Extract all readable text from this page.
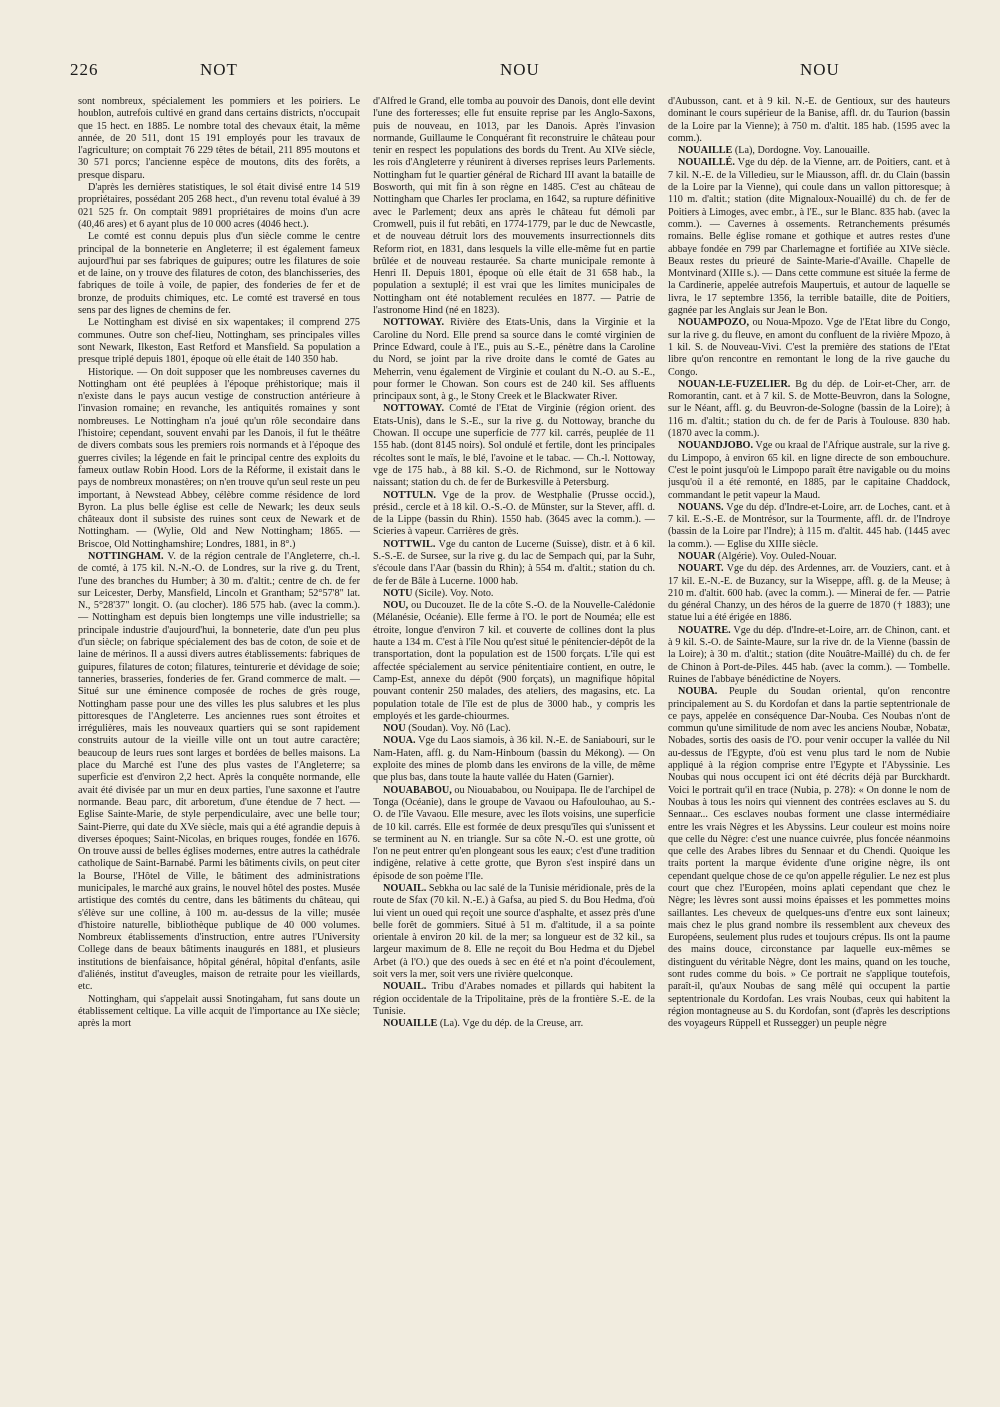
226	NOT	NOU	NOU

sont nombreux, spécialement les pommiers et les poiriers. Le houblon, autrefois cultivé en grand dans certains districts, n'occupait que 15 hect. en 1885. Le nombre total des chevaux était, la même année, de 20 511, dont 15 191 employés pour les travaux de l'agriculture; on comptait 76 229 têtes de bétail, 211 895 moutons et 30 571 porcs; l'ancienne espèce de moutons, dits des forêts, a presque disparu.

D'après les dernières statistiques, le sol était divisé entre 14 519 propriétaires, possédant 205 268 hect., d'un revenu total évalué à 39 021 525 fr. On comptait 9891 propriétaires de moins d'un acre (40,46 ares) et 6 ayant plus de 10 000 acres (4046 hect.).

Le comté est connu depuis plus d'un siècle comme le centre principal de la bonneterie en Angleterre; il est également fameux aujourd'hui par ses fabriques de guipures; outre les filatures de soie et de laine, on y trouve des filatures de coton, des blanchisseries, des fabriques de toile à voile, de papier, des fonderies de fer et de bronze, de produits chimiques, etc. Le comté est traversé en tous sens par des lignes de chemins de fer.

Le Nottingham est divisé en six wapentakes; il comprend 275 communes. Outre son chef-lieu, Nottingham, ses principales villes sont Newark, Ilkeston, East Retford et Mansfield. Sa population a presque triplé depuis 1801, époque où elle était de 140 350 hab.

Historique. — On doit supposer que les nombreuses cavernes du Nottingham ont été peuplées à l'époque préhistorique; mais il n'existe dans le pays aucun vestige de construction antérieure à l'invasion romaine; en revanche, les antiquités romaines y sont nombreuses. Le Nottingham n'a joué qu'un rôle secondaire dans l'histoire; cependant, souvent envahi par les Danois, il fut le théâtre de divers combats sous les premiers rois normands et à l'époque des guerres civiles; la légende en fait le principal centre des exploits du fameux outlaw Robin Hood. Lors de la Réforme, il existait dans le pays de nombreux monastères; on n'en trouve qu'un seul reste un peu important, à Newstead Abbey, célèbre comme résidence de lord Byron. La plus belle église est celle de Newark; les deux seuls châteaux dont il subsiste des ruines sont ceux de Newark et de Nottingham. — (Wylie, Old and New Nottingham; 1865. — Briscoe, Old Nottinghamshire; Londres, 1881, in 8°.)

NOTTINGHAM. V. de la région centrale de l'Angleterre, ch.-l. de comté, à 175 kil. N.-N.-O. de Londres, sur la rive g. du Trent, l'une des branches du Humber; à 30 m. d'altit.; centre de ch. de fer sur Leicester, Derby, Mansfield, Lincoln et Grantham; 52°57'8" lat. N., 5°28'37" longit. O. (au clocher). 186 575 hab. (avec la comm.). — Nottingham est depuis bien longtemps une ville industrielle; sa principale industrie d'aujourd'hui, la bonneterie, date d'un peu plus d'un siècle; on fabrique spécialement des bas de coton, de soie et de laine de mérinos. Il a aussi divers autres établissements: fabriques de guipures, filatures de coton; filatures, teinturerie et dévidage de soie; tanneries, brasseries, fonderies de fer. Grand commerce de malt. — Situé sur une éminence composée de roches de grès rouge, Nottingham passe pour une des villes les plus salubres et les plus pittoresques de l'Angleterre. Les anciennes rues sont étroites et irrégulières, mais les nouveaux quartiers qui se sont rapidement construits autour de la vieille ville ont un tout autre caractère; beaucoup de leurs rues sont larges et bordées de belles maisons. La place du Marché est l'une des plus vastes de l'Angleterre; sa superficie est d'environ 2,2 hect. Après la conquête normande, elle avait été divisée par un mur en deux parties, l'une saxonne et l'autre normande. Beau parc, dit arboretum, d'une étendue de 7 hect. — Eglise Sainte-Marie, de style perpendiculaire, avec une belle tour; Saint-Pierre, qui date du XVe siècle, mais qui a été agrandie depuis à diverses époques; Saint-Nicolas, en briques rouges, fondée en 1676. On trouve aussi de belles églises modernes, entre autres la cathédrale catholique de Saint-Barnabé. Parmi les bâtiments civils, on peut citer la Bourse, l'Hôtel de Ville, le bâtiment des administrations municipales, le marché aux grains, le nouvel hôtel des postes. Musée artistique des comtés du centre, dans les bâtiments du château, qui s'élève sur une colline, à 100 m. au-dessus de la ville; musée d'histoire naturelle, bibliothèque publique de 40 000 volumes. Nombreux établissements d'instruction, entre autres l'University College dans de beaux bâtiments inaugurés en 1881, et plusieurs institutions de bienfaisance, hôpital général, hôpital d'enfants, asile d'aliénés, institut d'aveugles, maison de retraite pour les vieillards, etc.

Nottingham, qui s'appelait aussi Snotingaham, fut sans doute un établissement celtique. La ville acquit de l'importance au IXe siècle; après la mort

d'Alfred le Grand, elle tomba au pouvoir des Danois, dont elle devint l'une des forteresses; elle fut ensuite reprise par les Anglo-Saxons, puis de nouveau, en 1013, par les Danois. Après l'invasion normande, Guillaume le Conquérant fit reconstruire le château pour tenir en respect les populations des bords du Trent. Au XIVe siècle, les rois d'Angleterre y réunirent à diverses reprises leurs Parlements. Nottingham fut le quartier général de Richard III avant la bataille de Bosworth, qui mit fin à son règne en 1485. C'est au château de Nottingham que Charles Ier proclama, en 1642, sa rupture définitive avec le Parlement; deux ans après le château fut démoli par Cromwell, puis il fut rebâti, en 1774-1779, par le duc de Newcastle, et de nouveau détruit lors des mouvements insurrectionnels dits Reform riot, en 1831, dans lesquels la ville elle-même fut en partie brûlée et de nouveau restaurée. Sa charte municipale remonte à Henri II. Depuis 1801, époque où elle était de 31 658 hab., la population a sextuplé; il est vrai que les limites municipales de Nottingham ont été notablement reculées en 1877. — Patrie de l'astronome Hind (né en 1823).

NOTTOWAY. Rivière des Etats-Unis, dans la Virginie et la Caroline du Nord. Elle prend sa source dans le comté virginien de Prince Edward, coule à l'E., puis au S.-E., pénètre dans la Caroline du Nord, se joint par la rive droite dans le comté de Gates au Meherrin, venu également de Virginie et coulant du N.-O. au S.-E., pour former le Chowan. Son cours est de 240 kil. Ses affluents principaux sont, à g., le Stony Creek et le Blackwater River.

NOTTOWAY. Comté de l'Etat de Virginie (région orient. des Etats-Unis), dans le S.-E., sur la rive g. du Nottoway, branche du Chowan. Il occupe une superficie de 777 kil. carrés, peuplée de 11 155 hab. (dont 8145 noirs). Sol ondulé et fertile, dont les principales récoltes sont le maïs, le blé, l'avoine et le tabac. — Ch.-l. Nottoway, vge de 175 hab., à 88 kil. S.-O. de Richmond, sur le Nottoway naissant; station du ch. de fer de Burkesville à Petersburg.

NOTTULN. Vge de la prov. de Westphalie (Prusse occid.), présid., cercle et à 18 kil. O.-S.-O. de Münster, sur la Stever, affl. d. de la Lippe (bassin du Rhin). 1550 hab. (3645 avec la comm.). — Scieries à vapeur. Carrières de grès.

NOTTWIL. Vge du canton de Lucerne (Suisse), distr. et à 6 kil. S.-S.-E. de Sursee, sur la rive g. du lac de Sempach qui, par la Suhr, s'écoule dans l'Aar (bassin du Rhin); à 554 m. d'altit.; station du ch. de fer de Bâle à Lucerne. 1000 hab.

NOTU (Sicile). Voy. Noto.

NOU, ou Ducouzet. Ile de la côte S.-O. de la Nouvelle-Calédonie (Mélanésie, Océanie). Elle ferme à l'O. le port de Nouméa; elle est étroite, longue d'environ 7 kil. et couverte de collines dont la plus haute a 134 m. C'est à l'île Nou qu'est situé le pénitencier-dépôt de la transportation, dont la population est de 1500 forçats. L'île qui est affectée spécialement au service pénitentiaire contient, en outre, le Camp-Est, annexe du dépôt (900 forçats), un magnifique hôpital pouvant contenir 250 malades, des ateliers, des magasins, etc. La population totale de l'île est de plus de 3000 hab., y compris les employés et les garde-chiourmes.

NOU (Soudan). Voy. Nô (Lac).

NOUA. Vge du Laos siamois, à 36 kil. N.-E. de Saniabouri, sur le Nam-Haten, affl. g. du Nam-Hinboum (bassin du Mékong). — On exploite des mines de plomb dans les environs de la ville, de même que plus bas, dans toute la haute vallée du Haten (Garnier).

NOUABABOU, ou Niouababou, ou Nouipapa. Ile de l'archipel de Tonga (Océanie), dans le groupe de Vavaou ou Hafoulouhao, au S.-O. de l'île Vavaou. Elle mesure, avec les îlots voisins, une superficie de 10 kil. carrés. Elle est formée de deux presqu'îles qui s'unissent et se terminent au N. en triangle. Sur sa côte N.-O. est une grotte, où l'on ne peut entrer qu'en plongeant sous les eaux; c'est d'une tradition indigène, relative à cette grotte, que Byron s'est inspiré dans un épisode de son poème l'Ile.

NOUAIL. Sebkha ou lac salé de la Tunisie méridionale, près de la route de Sfax (70 kil. N.-E.) à Gafsa, au pied S. du Bou Hedma, d'où lui vient un oued qui reçoit une source d'asphalte, et assez près d'une belle forêt de gommiers. Situé à 51 m. d'altitude, il a sa pointe orientale à environ 20 kil. de la mer; sa longueur est de 32 kil., sa largeur maximum de 8. Elle ne reçoit du Bou Hedma et du Djebel Arbet (à l'O.) que des oueds à sec en été et n'a point d'écoulement, soit vers la mer, soit vers une rivière quelconque.

NOUAIL. Tribu d'Arabes nomades et pillards qui habitent la région occidentale de la Tripolitaine, près de la frontière S.-E. de la Tunisie.

NOUAILLE (La). Vge du dép. de la Creuse, arr.

d'Aubusson, cant. et à 9 kil. N.-E. de Gentioux, sur des hauteurs dominant le cours supérieur de la Banise, affl. dr. du Taurion (bassin de la Loire par la Vienne); à 750 m. d'altit. 185 hab. (1595 avec la comm.).

NOUAILLE (La), Dordogne. Voy. Lanouaille.

NOUAILLÉ. Vge du dép. de la Vienne, arr. de Poitiers, cant. et à 7 kil. N.-E. de la Villedieu, sur le Miausson, affl. dr. du Clain (bassin de la Loire par la Vienne), qui coule dans un vallon pittoresque; à 110 m. d'altit.; station (dite Mignaloux-Nouaillé) du ch. de fer de Poitiers à Limoges, avec embr., à l'E., sur le Blanc. 835 hab. (avec la comm.). — Cavernes à ossements. Retranchements présumés romains. Belle église romane et gothique et autres restes d'une abbaye fondée en 799 par Charlemagne et fortifiée au XIVe siècle. Beaux restes du prieuré de Sainte-Marie-d'Availle. Chapelle de Montvinard (XIIIe s.). — Dans cette commune est située la ferme de la Cardinerie, appelée autrefois Maupertuis, et autour de laquelle se livra, le 17 septembre 1356, la terrible bataille, dite de Poitiers, gagnée par les Anglais sur Jean le Bon.

NOUAMPOZO, ou Noua-Mpozo. Vge de l'Etat libre du Congo, sur la rive g. du fleuve, en amont du confluent de la rivière Mpozo, à 1 kil. S. de Nouveau-Vivi. C'est la première des stations de l'Etat libre qu'on rencontre en remontant le long de la rive gauche du Congo.

NOUAN-LE-FUZELIER. Bg du dép. de Loir-et-Cher, arr. de Romorantin, cant. et à 7 kil. S. de Motte-Beuvron, dans la Sologne, sur le Néant, affl. g. du Beuvron-de-Sologne (bassin de la Loire); à 116 m. d'altit.; station du ch. de fer de Paris à Toulouse. 830 hab. (1870 avec la comm.).

NOUANDJOBO. Vge ou kraal de l'Afrique australe, sur la rive g. du Limpopo, à environ 65 kil. en ligne directe de son embouchure. C'est le point jusqu'où le Limpopo paraît être navigable ou du moins jusqu'où il a été remonté, en 1885, par le capitaine Chaddock, commandant le petit vapeur la Maud.

NOUANS. Vge du dép. d'Indre-et-Loire, arr. de Loches, cant. et à 7 kil. E.-S.-E. de Montrésor, sur la Tourmente, affl. dr. de l'Indroye (bassin de la Loire par l'Indre); à 115 m. d'altit. 445 hab. (1445 avec la comm.). — Eglise du XIIIe siècle.

NOUAR (Algérie). Voy. Ouled-Nouar.

NOUART. Vge du dép. des Ardennes, arr. de Vouziers, cant. et à 17 kil. E.-N.-E. de Buzancy, sur la Wiseppe, affl. g. de la Meuse; à 210 m. d'altit. 600 hab. (avec la comm.). — Minerai de fer. — Patrie du général Chanzy, un des héros de la guerre de 1870 († 1883); une statue lui a été érigée en 1886.

NOUATRE. Vge du dép. d'Indre-et-Loire, arr. de Chinon, cant. et à 9 kil. S.-O. de Sainte-Maure, sur la rive dr. de la Vienne (bassin de la Loire); à 30 m. d'altit.; station (dite Nouâtre-Maillé) du ch. de fer de Chinon à Port-de-Piles. 445 hab. (avec la comm.). — Tombelle. Ruines de l'abbaye bénédictine de Noyers.

NOUBA. Peuple du Soudan oriental, qu'on rencontre principalement au S. du Kordofan et dans la partie septentrionale de ce pays, appelée en conséquence Dar-Nouba. Ces Noubas n'ont de commun qu'une similitude de nom avec les anciens Noubæ, Nobatæ, Nobades, sortis des oasis de l'O. pour venir occuper la vallée du Nil au-dessus de l'Egypte, d'où est venu plus tard le nom de Nubie appliqué à la région comprise entre l'Egypte et l'Abyssinie. Les Noubas qui nous occupent ici ont été décrits déjà par Burckhardt. Voici le portrait qu'il en trace (Nubia, p. 278): « On donne le nom de Noubas à tous les noirs qui viennent des contrées esclaves au S. du Sennaar... Ces esclaves noubas forment une classe intermédiaire entre les vrais Nègres et les Abyssins. Leur couleur est moins noire que celle du Nègre: c'est une nuance cuivrée, plus foncée néanmoins que celle des Arabes libres du Sennaar et du Chendi. Quoique les traits portent la marque évidente d'une origine nègre, ils ont cependant quelque chose de ce qu'on appelle régulier. Le nez est plus court que chez l'Européen, moins aplati cependant que chez le Nègre; les lèvres sont aussi moins épaisses et les pommettes moins saillantes. Les cheveux de quelques-uns d'entre eux sont laineux; mais chez le plus grand nombre ils ressemblent aux cheveux des Européens, seulement plus rudes et toujours crépus. Ils ont la paume des mains douce, circonstance par laquelle eux-mêmes se distinguent du véritable Nègre, dont les mains, quand on les touche, sont rudes comme du bois. » Ce portrait ne s'applique toutefois, paraît-il, qu'aux Noubas de sang mêlé qui occupent la partie septentrionale du Kordofan. Les vrais Noubas, ceux qui habitent la région montagneuse au S. du Kordofan, sont (d'après les descriptions des voyageurs Rüppell et Russegger) un peuple nègre
